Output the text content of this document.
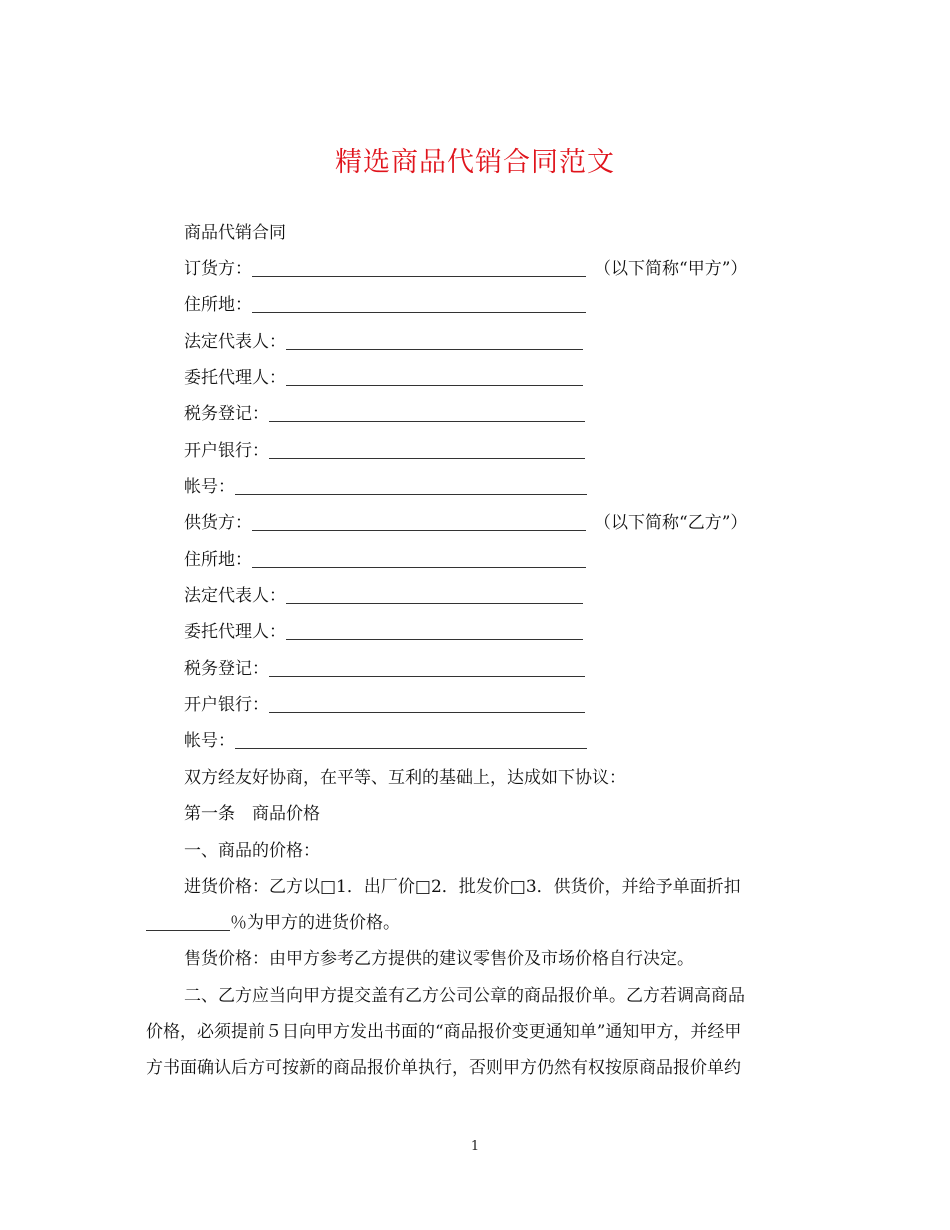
精选商品代销合同范文
商品代销合同
订货方：	（以下简称“甲方”）
住所地：
法定代表人：
委托代理人：
税务登记：
开户银行：
帐号：
供货方：	（以下简称“乙方”）
住所地：
法定代表人：
委托代理人：
税务登记：
开户银行：
帐号：
双方经友好协商，在平等、互利的基础上，达成如下协议：
第一条　商品价格
一、商品的价格：
进货价格：乙方以□1．出厂价□2．批发价□3．供货价，并给予单面折扣
％为甲方的进货价格。
售货价格：由甲方参考乙方提供的建议零售价及市场价格自行决定。
二、乙方应当向甲方提交盖有乙方公司公章的商品报价单。乙方若调高商品
价格，必须提前５日向甲方发出书面的“商品报价变更通知单”通知甲方，并经甲
方书面确认后方可按新的商品报价单执行，否则甲方仍然有权按原商品报价单约
1
